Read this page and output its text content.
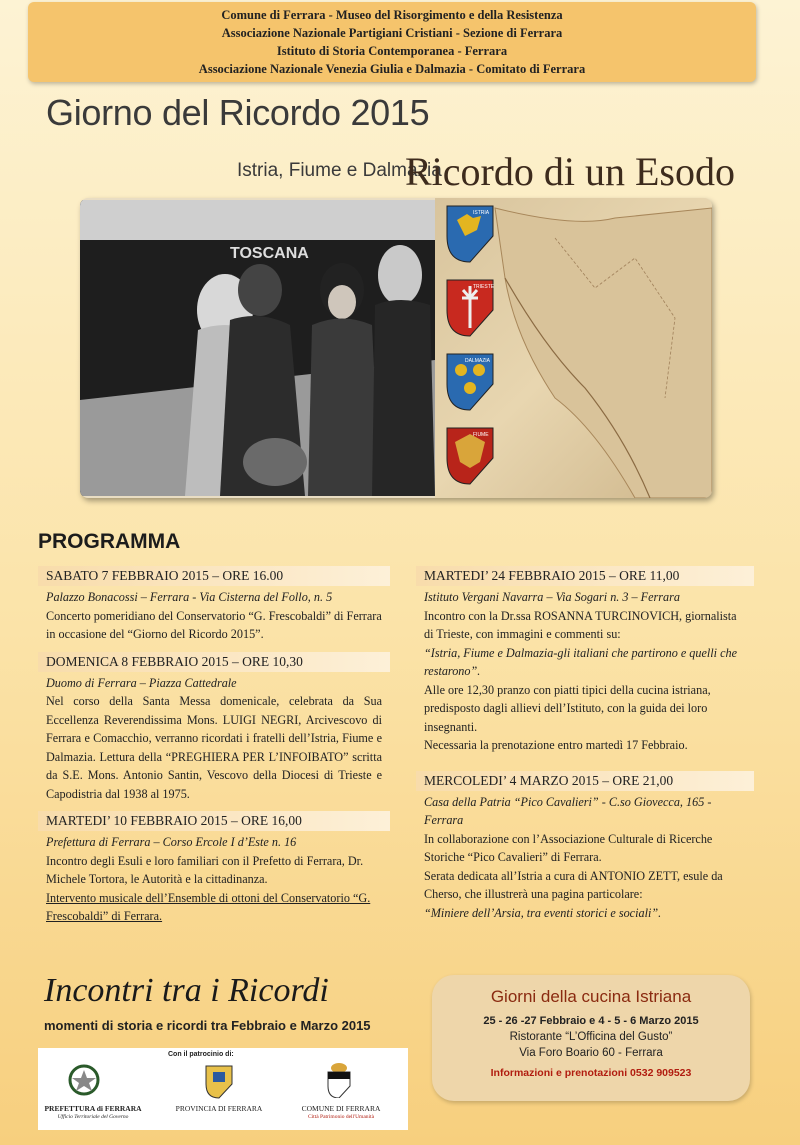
Comune di Ferrara - Museo del Risorgimento e della Resistenza
Associazione Nazionale Partigiani Cristiani - Sezione di Ferrara
Istituto di Storia Contemporanea - Ferrara
Associazione Nazionale Venezia Giulia e Dalmazia - Comitato di Ferrara
Giorno del Ricordo 2015
Istria, Fiume e Dalmazia
Ricordo di un Esodo
TOSCANA
ISTRIA
TRIESTE
DALMAZIA
FIUME
PROGRAMMA
SABATO 7 FEBBRAIO 2015 – ORE 16.00
Palazzo Bonacossi – Ferrara - Via Cisterna del Follo, n. 5
Concerto pomeridiano del Conservatorio “G. Frescobaldi” di Ferrara in occasione del “Giorno del Ricordo 2015”.
DOMENICA 8 FEBBRAIO 2015 – ORE 10,30
Duomo di Ferrara – Piazza Cattedrale
Nel corso della Santa Messa domenicale, celebrata da Sua Eccellenza Reverendissima Mons. LUIGI NEGRI, Arcivescovo di Ferrara e Comacchio, verranno ricordati i fratelli dell’Istria, Fiume e Dalmazia. Lettura della “PREGHIERA PER L’INFOIBATO” scritta da S.E. Mons. Antonio Santin, Vescovo della Diocesi di Trieste e Capodistria dal 1938 al 1975.
MARTEDI’ 10 FEBBRAIO 2015 – ORE 16,00
Prefettura di Ferrara – Corso Ercole I d’Este n. 16
Incontro degli Esuli e loro familiari con il Prefetto di Ferrara, Dr. Michele Tortora, le Autorità e la cittadinanza.
Intervento musicale dell’Ensemble di ottoni del Conservatorio “G. Frescobaldi” di Ferrara.
MARTEDI’ 24 FEBBRAIO 2015 – ORE 11,00
Istituto Vergani Navarra – Via Sogari n. 3 – Ferrara
Incontro con la Dr.ssa ROSANNA TURCINOVICH, giornalista di Trieste, con immagini e commenti su:
“Istria, Fiume e Dalmazia-gli italiani che partirono e quelli che restarono”.
Alle ore 12,30 pranzo con piatti tipici della cucina istriana, predisposto dagli allievi dell’Istituto, con la guida dei loro insegnanti.
Necessaria la prenotazione entro martedì 17 Febbraio.
MERCOLEDI’ 4 MARZO 2015 – ORE 21,00
Casa della Patria “Pico Cavalieri” - C.so Giovecca, 165 - Ferrara
In collaborazione con l’Associazione Culturale di Ricerche Storiche “Pico Cavalieri” di Ferrara.
Serata dedicata all’Istria a cura di ANTONIO ZETT, esule da Cherso, che illustrerà una pagina particolare:
“Miniere dell’Arsia, tra eventi storici e sociali”.
Incontri tra i Ricordi
momenti di storia e ricordi tra Febbraio e Marzo 2015
Giorni della cucina Istriana
25 - 26 -27 Febbraio e 4 - 5 - 6 Marzo 2015
Ristorante “L’Officina del Gusto”
Via Foro Boario 60 - Ferrara
Informazioni e prenotazioni 0532 909523
Con il patrocinio di:
PREFETTURA di FERRARA
Ufficio Territoriale del Governo
PROVINCIA DI FERRARA	COMUNE DI FERRARA
Città Patrimonio dell'Umanità
